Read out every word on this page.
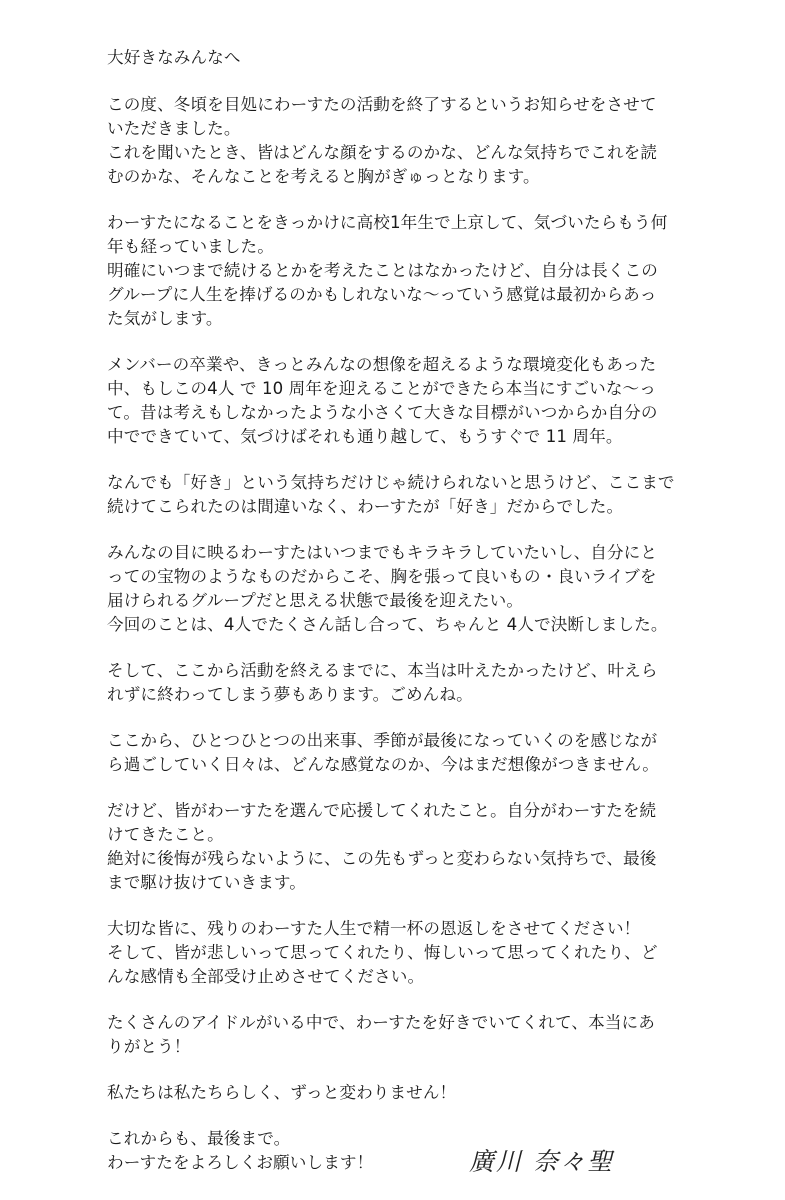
大好きなみんなへ

この度、冬頃を目処にわーすたの活動を終了するというお知らせをさせて

いただきました。

これを聞いたとき、皆はどんな顔をするのかな、どんな気持ちでこれを読

むのかな、そんなことを考えると胸がぎゅっとなります。

わーすたになることをきっかけに高校1年生で上京して、気づいたらもう何

年も経っていました。

明確にいつまで続けるとかを考えたことはなかったけど、自分は長くこの

グループに人生を捧げるのかもしれないな〜っていう感覚は最初からあっ

た気がします。

メンバーの卒業や、きっとみんなの想像を超えるような環境変化もあった

中、もしこの4人 で 10 周年を迎えることができたら本当にすごいな〜っ

て。昔は考えもしなかったような小さくて大きな目標がいつからか自分の

中でできていて、気づけばそれも通り越して、もうすぐで 11 周年。

なんでも「好き」という気持ちだけじゃ続けられないと思うけど、ここまで

続けてこられたのは間違いなく、わーすたが「好き」だからでした。

みんなの目に映るわーすたはいつまでもキラキラしていたいし、自分にと

っての宝物のようなものだからこそ、胸を張って良いもの・良いライブを

届けられるグループだと思える状態で最後を迎えたい。

今回のことは、4人でたくさん話し合って、ちゃんと 4人で決断しました。

そして、ここから活動を終えるまでに、本当は叶えたかったけど、叶えら

れずに終わってしまう夢もあります。ごめんね。

ここから、ひとつひとつの出来事、季節が最後になっていくのを感じなが

ら過ごしていく日々は、どんな感覚なのか、今はまだ想像がつきません。

だけど、皆がわーすたを選んで応援してくれたこと。自分がわーすたを続

けてきたこと。

絶対に後悔が残らないように、この先もずっと変わらない気持ちで、最後

まで駆け抜けていきます。

大切な皆に、残りのわーすた人生で精一杯の恩返しをさせてください！

そして、皆が悲しいって思ってくれたり、悔しいって思ってくれたり、ど

んな感情も全部受け止めさせてください。

たくさんのアイドルがいる中で、わーすたを好きでいてくれて、本当にあ

りがとう！

私たちは私たちらしく、ずっと変わりません！

これからも、最後まで。

わーすたをよろしくお願いします！	廣川 奈々聖
